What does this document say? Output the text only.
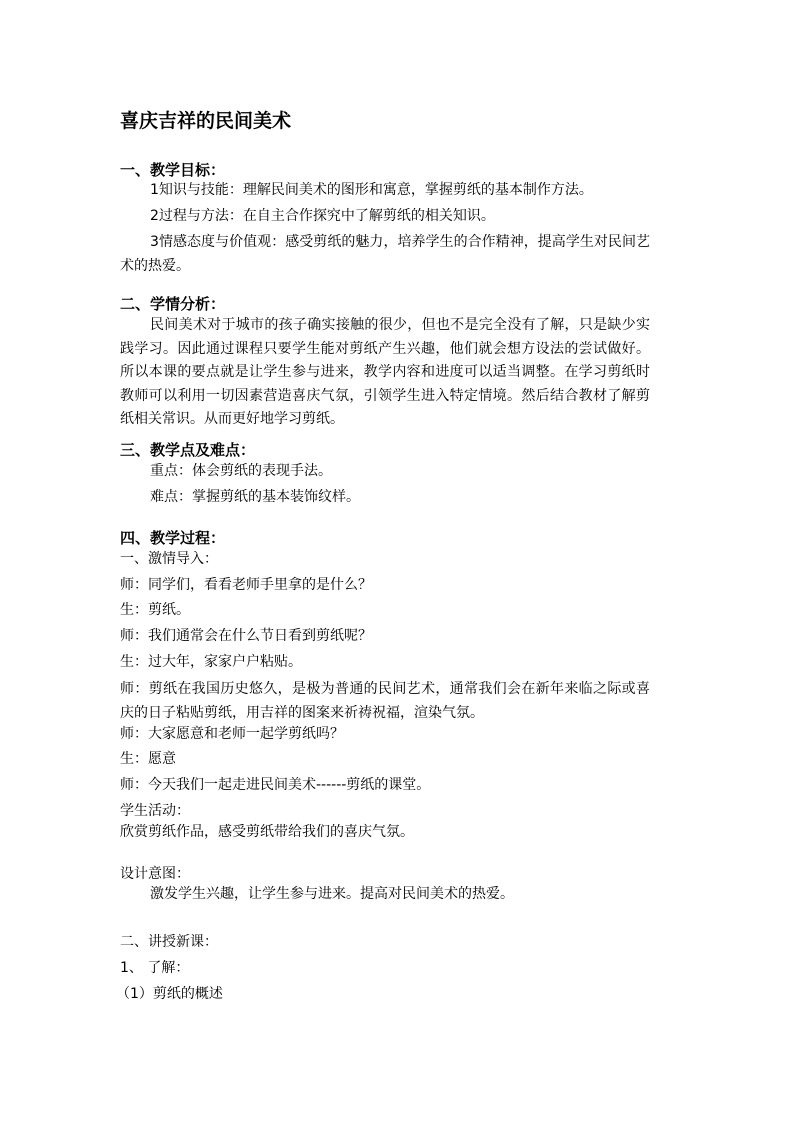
喜庆吉祥的民间美术
一、教学目标：
1知识与技能：理解民间美术的图形和寓意，掌握剪纸的基本制作方法。
2过程与方法：在自主合作探究中了解剪纸的相关知识。
3情感态度与价值观：感受剪纸的魅力，培养学生的合作精神，提高学生对民间艺术的热爱。
二、学情分析：
民间美术对于城市的孩子确实接触的很少，但也不是完全没有了解，只是缺少实践学习。因此通过课程只要学生能对剪纸产生兴趣，他们就会想方设法的尝试做好。所以本课的要点就是让学生参与进来，教学内容和进度可以适当调整。在学习剪纸时教师可以利用一切因素营造喜庆气氛，引领学生进入特定情境。然后结合教材了解剪纸相关常识。从而更好地学习剪纸。
三、教学点及难点：
重点：体会剪纸的表现手法。
难点：掌握剪纸的基本装饰纹样。
四、教学过程：
一、激情导入：
师：同学们，看看老师手里拿的是什么？
生：剪纸。
师：我们通常会在什么节日看到剪纸呢？
生：过大年，家家户户粘贴。
师：剪纸在我国历史悠久，是极为普通的民间艺术，通常我们会在新年来临之际或喜庆的日子粘贴剪纸，用吉祥的图案来祈祷祝福，渲染气氛。
师：大家愿意和老师一起学剪纸吗？
生：愿意
师：今天我们一起走进民间美术------剪纸的课堂。
学生活动：
欣赏剪纸作品，感受剪纸带给我们的喜庆气氛。
设计意图：
激发学生兴趣，让学生参与进来。提高对民间美术的热爱。
二、讲授新课：
1、 了解：
（1）剪纸的概述
